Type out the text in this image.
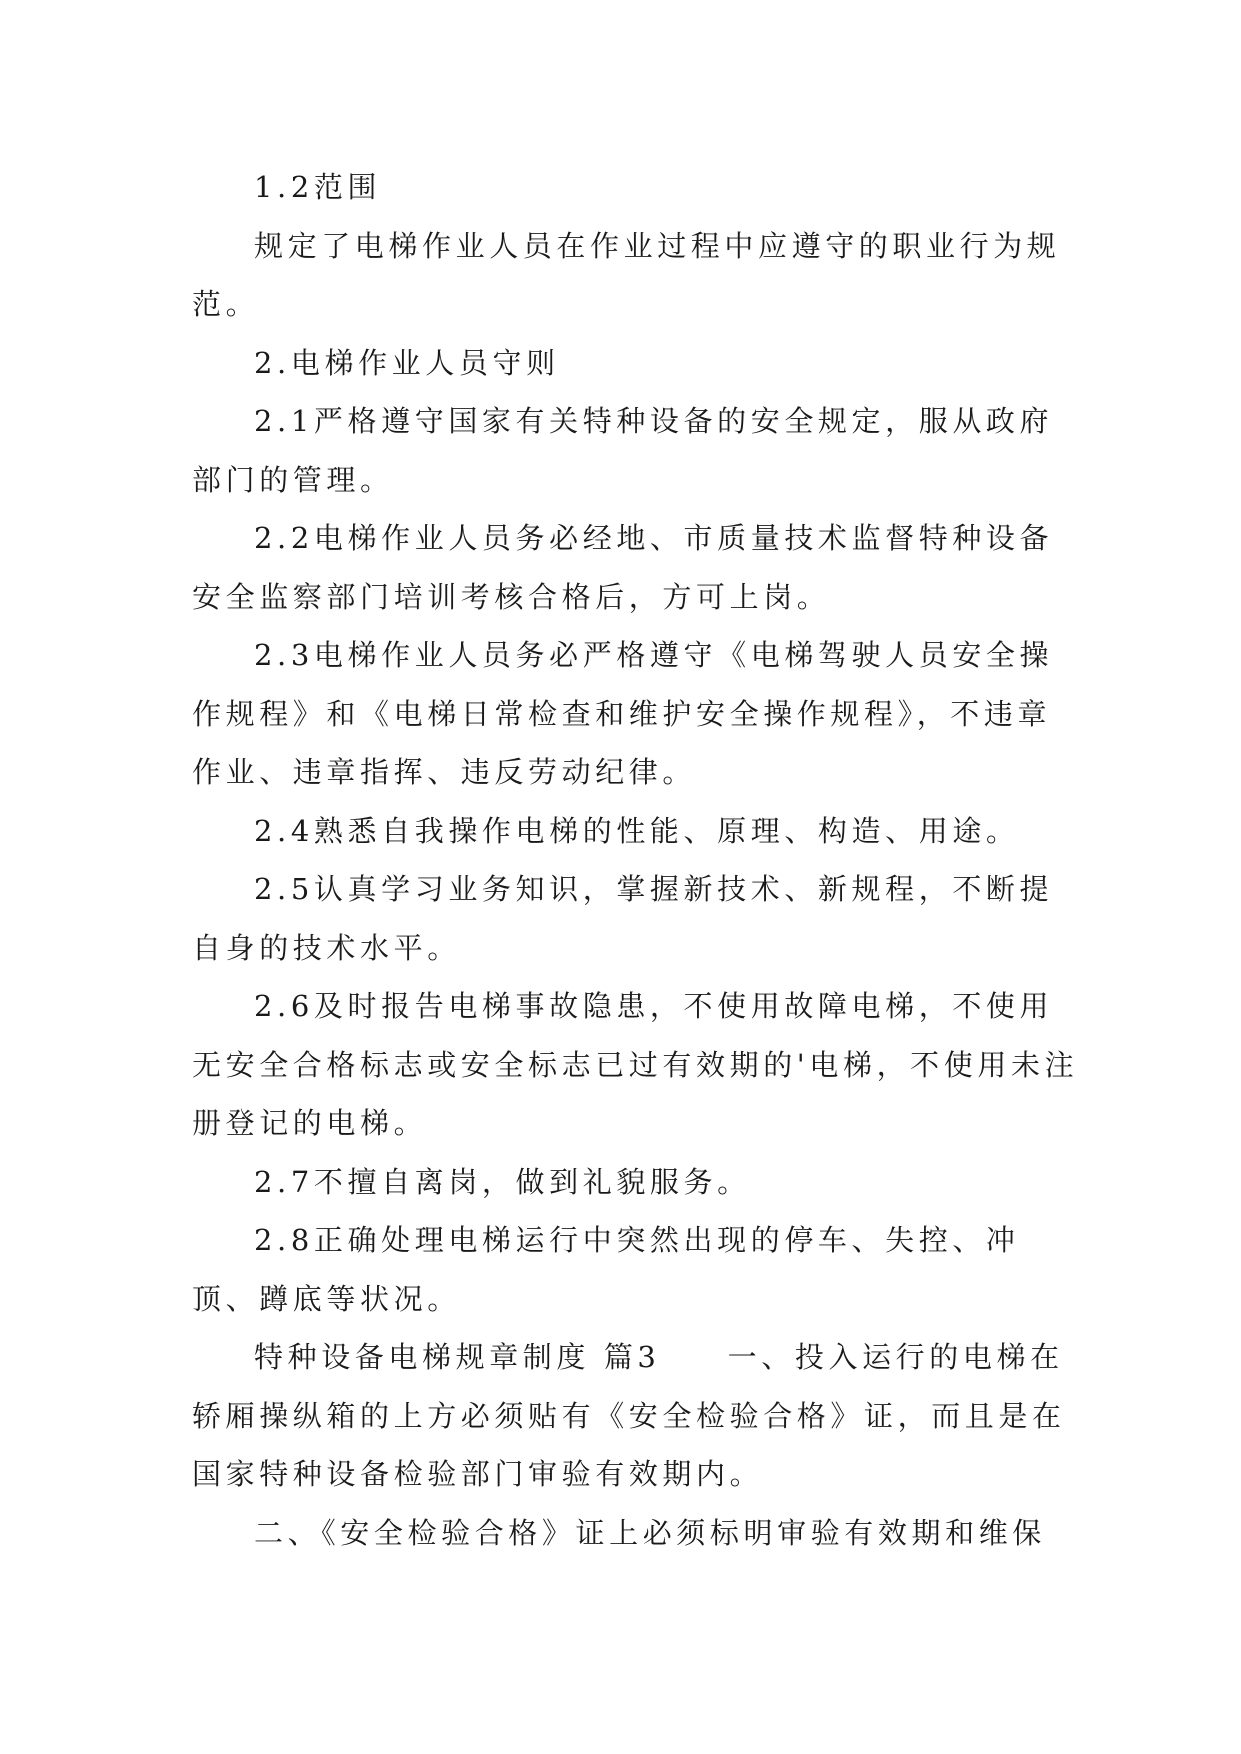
1.2范围

规定了电梯作业人员在作业过程中应遵守的职业行为规范。

2.电梯作业人员守则

2.1严格遵守国家有关特种设备的安全规定，服从政府部门的管理。

2.2电梯作业人员务必经地、市质量技术监督特种设备安全监察部门培训考核合格后，方可上岗。

2.3电梯作业人员务必严格遵守《电梯驾驶人员安全操作规程》和《电梯日常检查和维护安全操作规程》，不违章作业、违章指挥、违反劳动纪律。

2.4熟悉自我操作电梯的性能、原理、构造、用途。

2.5认真学习业务知识，掌握新技术、新规程，不断提自身的技术水平。

2.6及时报告电梯事故隐患，不使用故障电梯，不使用无安全合格标志或安全标志已过有效期的'电梯，不使用未注册登记的电梯。

2.7不擅自离岗，做到礼貌服务。

2.8正确处理电梯运行中突然出现的停车、失控、冲顶、蹲底等状况。

特种设备电梯规章制度 篇3　　一、投入运行的电梯在轿厢操纵箱的上方必须贴有《安全检验合格》证，而且是在国家特种设备检验部门审验有效期内。

二、《安全检验合格》证上必须标明审验有效期和维保
